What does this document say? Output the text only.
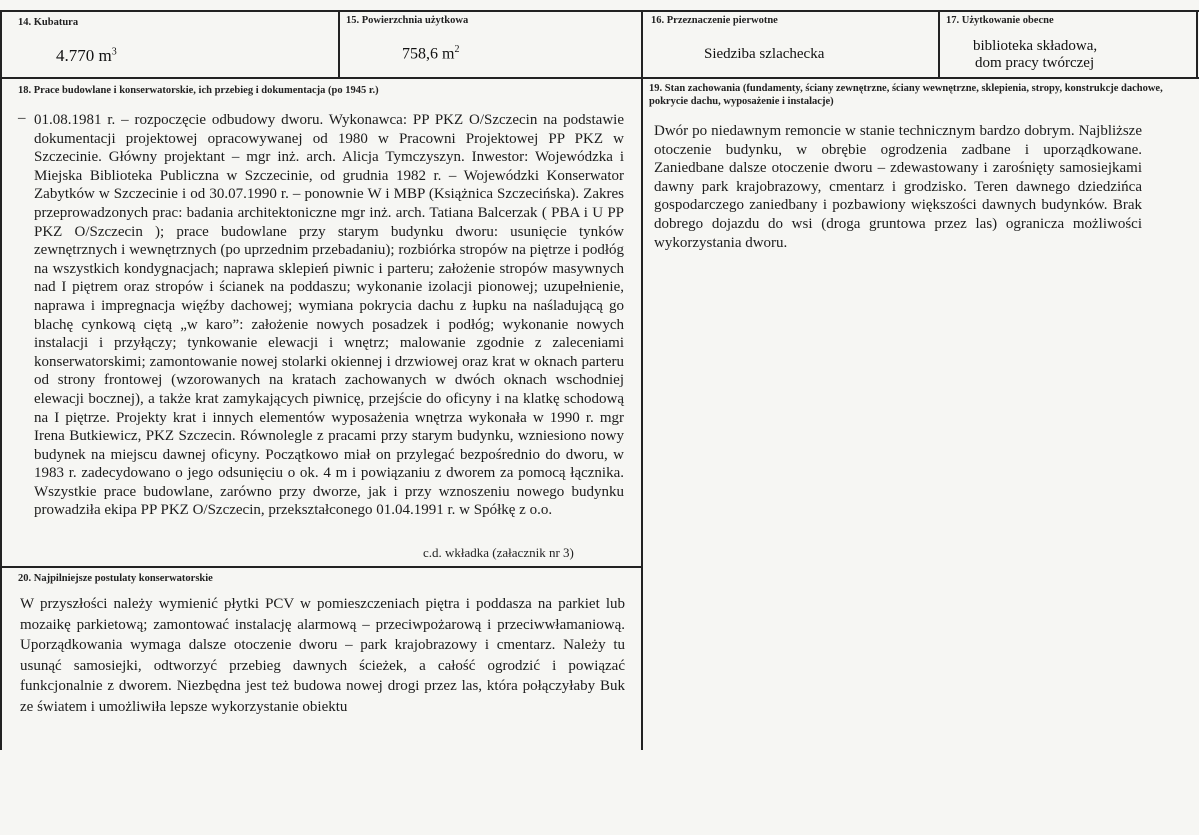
14. Kubatura
4.770 $m^3$
15. Powierzchnia użytkowa
758,6 $m^2$
16. Przeznaczenie pierwotne
Siedziba szlachecka
17. Użytkowanie obecne
biblioteka składowa,
dom pracy twórczej
18. Prace budowlane i konserwatorskie, ich przebieg i dokumentacja (po 1945 r.)
– 01.08.1981 r. – rozpoczęcie odbudowy dworu. Wykonawca: PP PKZ O/Szczecin na podstawie dokumentacji projektowej opracowywanej od 1980 w Pracowni Projektowej PP PKZ w Szczecinie. Główny projektant – mgr inż. arch. Alicja Tymczyszyn. Inwestor: Wojewódzka i Miejska Biblioteka Publiczna w Szczecinie, od grudnia 1982 r. – Wojewódzki Konserwator Zabytków w Szczecinie i od 30.07.1990 r. – ponownie W i MBP (Książnica Szczecińska). Zakres przeprowadzonych prac: badania architektoniczne mgr inż. arch. Tatiana Balcerzak ( PBA i U PP PKZ O/Szczecin ); prace budowlane przy starym budynku dworu: usunięcie tynków zewnętrznych i wewnętrznych (po uprzednim przebadaniu); rozbiórka stropów na piętrze i podłóg na wszystkich kondygnacjach; naprawa sklepień piwnic i parteru; założenie stropów masywnych nad I piętrem oraz stropów i ścianek na poddaszu; wykonanie izolacji pionowej; uzupełnienie, naprawa i impregnacja więźby dachowej; wymiana pokrycia dachu z łupku na naśladującą go blachę cynkową ciętą „w karo”: założenie nowych posadzek i podłóg; wykonanie nowych instalacji i przyłączy; tynkowanie elewacji i wnętrz; malowanie zgodnie z zaleceniami konserwatorskimi; zamontowanie nowej stolarki okiennej i drzwiowej oraz krat w oknach parteru od strony frontowej (wzorowanych na kratach zachowanych w dwóch oknach wschodniej elewacji bocznej), a także krat zamykających piwnicę, przejście do oficyny i na klatkę schodową na I piętrze. Projekty krat i innych elementów wyposażenia wnętrza wykonała w 1990 r. mgr Irena Butkiewicz, PKZ Szczecin. Równolegle z pracami przy starym budynku, wzniesiono nowy budynek na miejscu dawnej oficyny. Początkowo miał on przylegać bezpośrednio do dworu, w 1983 r. zadecydowano o jego odsunięciu o ok. 4 m i powiązaniu z dworem za pomocą łącznika. Wszystkie prace budowlane, zarówno przy dworze, jak i przy wznoszeniu nowego budynku prowadziła ekipa PP PKZ O/Szczecin, przekształconego 01.04.1991 r. w Spółkę z o.o.

c.d. wkładka (załacznik nr 3)
19. Stan zachowania (fundamenty, ściany zewnętrzne, ściany wewnętrzne, sklepienia, stropy, konstrukcje dachowe, pokrycie dachu, wyposażenie i instalacje)

Dwór po niedawnym remoncie w stanie technicznym bardzo dobrym. Najbliższe otoczenie budynku, w obrębie ogrodzenia zadbane i uporządkowane. Zaniedbane dalsze otoczenie dworu – zdewastowany i zarośnięty samosiejkami dawny park krajobrazowy, cmentarz i grodzisko. Teren dawnego dziedzińca gospodarczego zaniedbany i pozbawiony większości dawnych budynków. Brak dobrego dojazdu do wsi (droga gruntowa przez las) ogranicza możliwości wykorzystania dworu.

20. Najpilniejsze postulaty konserwatorskie

W przyszłości należy wymienić płytki PCV w pomieszczeniach piętra i poddasza na parkiet lub mozaikę parkietową; zamontować instalację alarmową – przeciwpożarową i przeciwwłamaniową. Uporządkowania wymaga dalsze otoczenie dworu – park krajobrazowy i cmentarz. Należy tu usunąć samosiejki, odtworzyć przebieg dawnych ścieżek, a całość ogrodzić i powiązać funkcjonalnie z dworem. Niezbędna jest też budowa nowej drogi przez las, która połączyłaby Buk ze światem i umożliwiła lepsze wykorzystanie obiektu
